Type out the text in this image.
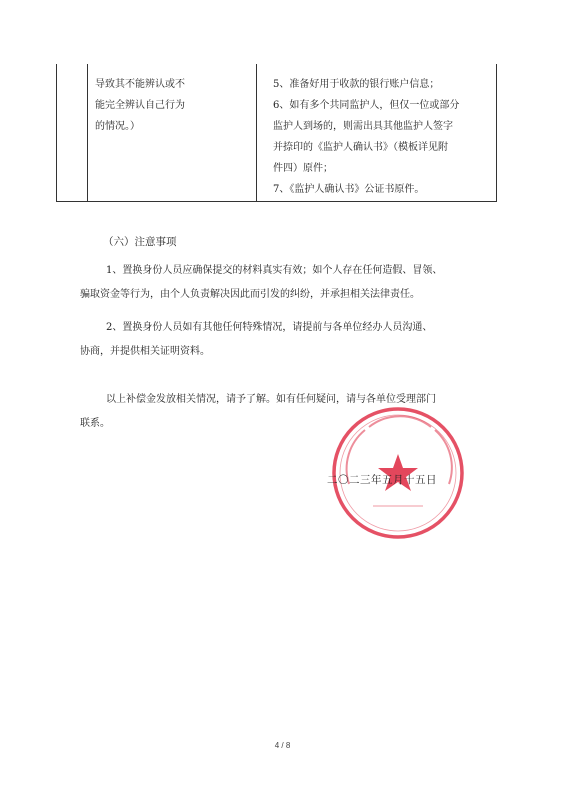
导致其不能辨认或不
能完全辨认自己行为
的情况。）
5、准备好用于收款的银行账户信息；
6、如有多个共同监护人，但仅一位或部分
监护人到场的，则需出具其他监护人签字
并捺印的《监护人确认书》（模板详见附
件四）原件；
7、《监护人确认书》公证书原件。
（六）注意事项
1、置换身份人员应确保提交的材料真实有效；如个人存在任何造假、冒领、
骗取资金等行为，由个人负责解决因此而引发的纠纷，并承担相关法律责任。
2、置换身份人员如有其他任何特殊情况，请提前与各单位经办人员沟通、
协商，并提供相关证明资料。
以上补偿金发放相关情况，请予了解。如有任何疑问，请与各单位受理部门
联系。
二〇二三年五月十五日
4 / 8
